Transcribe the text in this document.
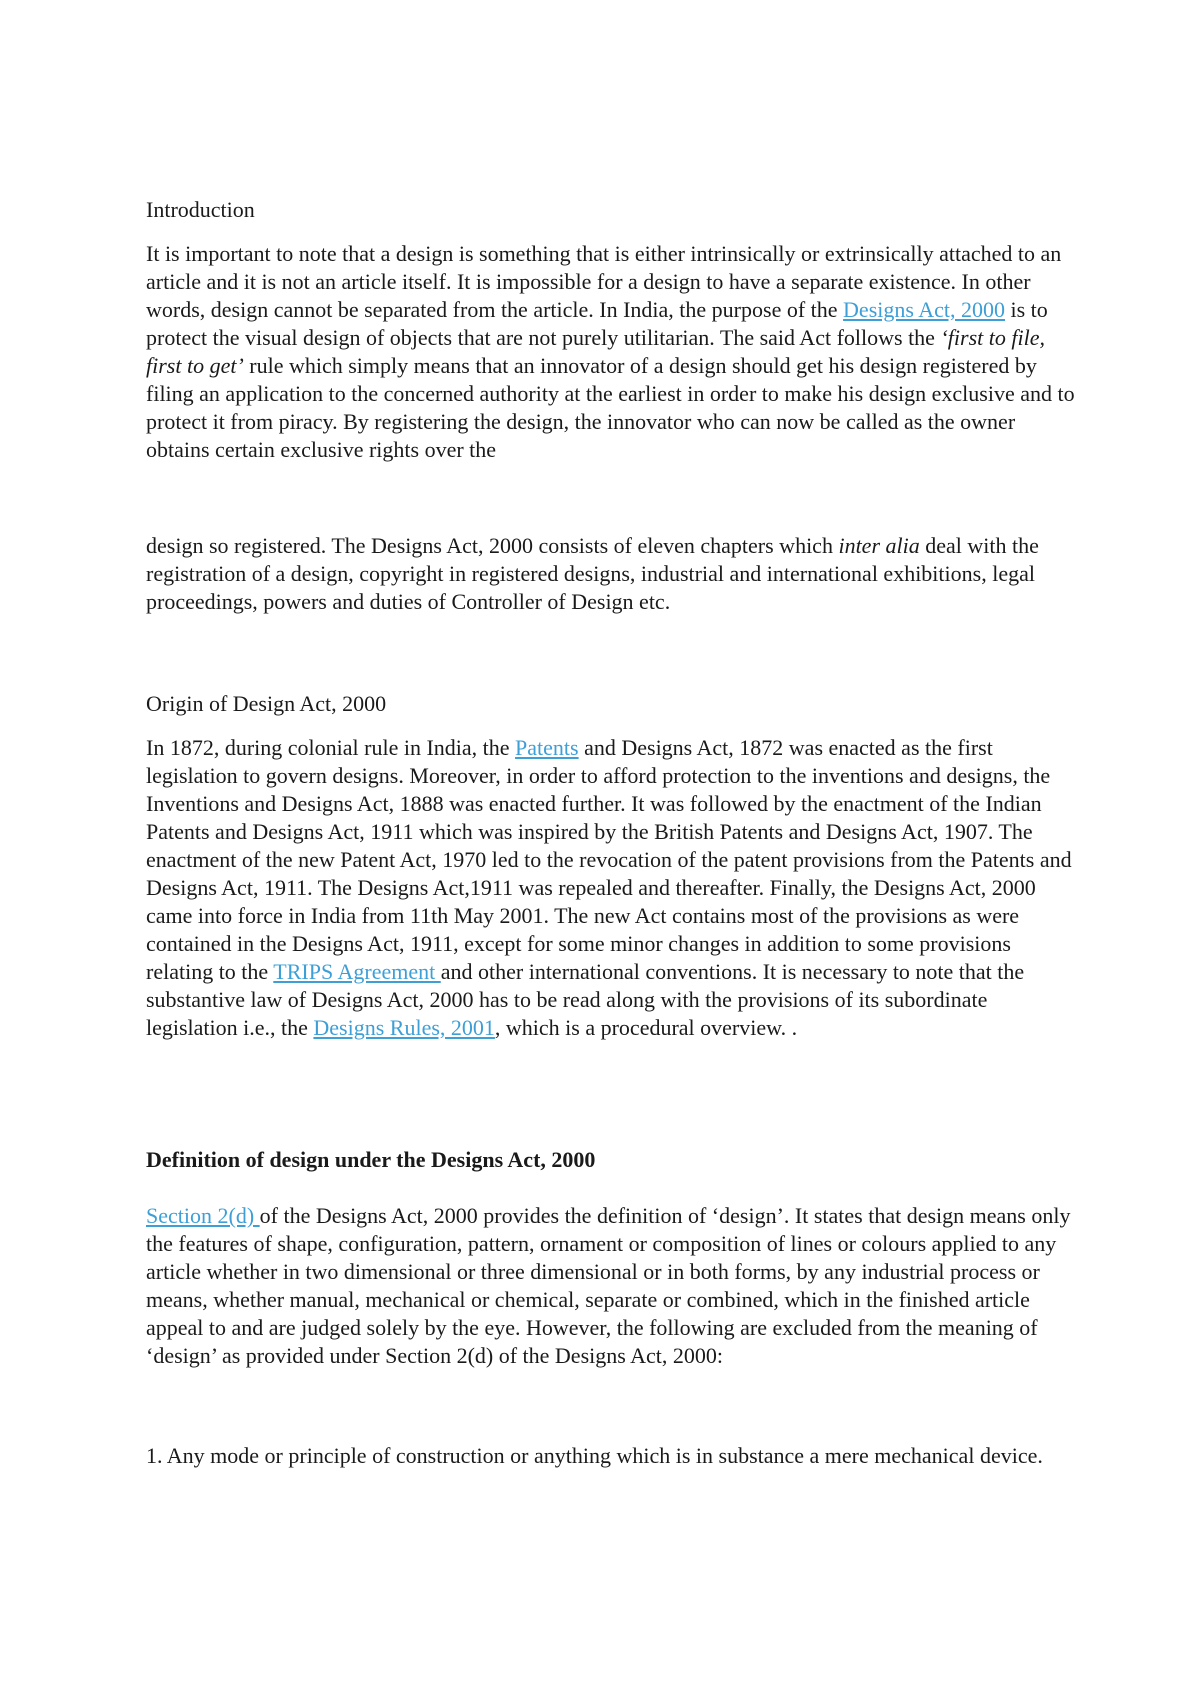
Introduction

It is important to note that a design is something that is either intrinsically or extrinsically attached to an article and it is not an article itself. It is impossible for a design to have a separate existence. In other words, design cannot be separated from the article. In India, the purpose of the Designs Act, 2000 is to protect the visual design of objects that are not purely utilitarian. The said Act follows the ‘first to file, first to get’ rule which simply means that an innovator of a design should get his design registered by filing an application to the concerned authority at the earliest in order to make his design exclusive and to protect it from piracy. By registering the design, the innovator who can now be called as the owner obtains certain exclusive rights over the

design so registered. The Designs Act, 2000 consists of eleven chapters which inter alia deal with the registration of a design, copyright in registered designs, industrial and international exhibitions, legal proceedings, powers and duties of Controller of Design etc.

Origin of Design Act, 2000

In 1872, during colonial rule in India, the Patents and Designs Act, 1872 was enacted as the first legislation to govern designs. Moreover, in order to afford protection to the inventions and designs, the Inventions and Designs Act, 1888 was enacted further. It was followed by the enactment of the Indian Patents and Designs Act, 1911 which was inspired by the British Patents and Designs Act, 1907. The enactment of the new Patent Act, 1970 led to the revocation of the patent provisions from the Patents and Designs Act, 1911. The Designs Act,1911 was repealed and thereafter. Finally, the Designs Act, 2000 came into force in India from 11th May 2001. The new Act contains most of the provisions as were contained in the Designs Act, 1911, except for some minor changes in addition to some provisions relating to the TRIPS Agreement and other international conventions. It is necessary to note that the substantive law of Designs Act, 2000 has to be read along with the provisions of its subordinate legislation i.e., the Designs Rules, 2001, which is a procedural overview. .

Definition of design under the Designs Act, 2000

Section 2(d) of the Designs Act, 2000 provides the definition of ‘design’. It states that design means only the features of shape, configuration, pattern, ornament or composition of lines or colours applied to any article whether in two dimensional or three dimensional or in both forms, by any industrial process or means, whether manual, mechanical or chemical, separate or combined, which in the finished article appeal to and are judged solely by the eye. However, the following are excluded from the meaning of ‘design’ as provided under Section 2(d) of the Designs Act, 2000:

1. Any mode or principle of construction or anything which is in substance a mere mechanical device.
